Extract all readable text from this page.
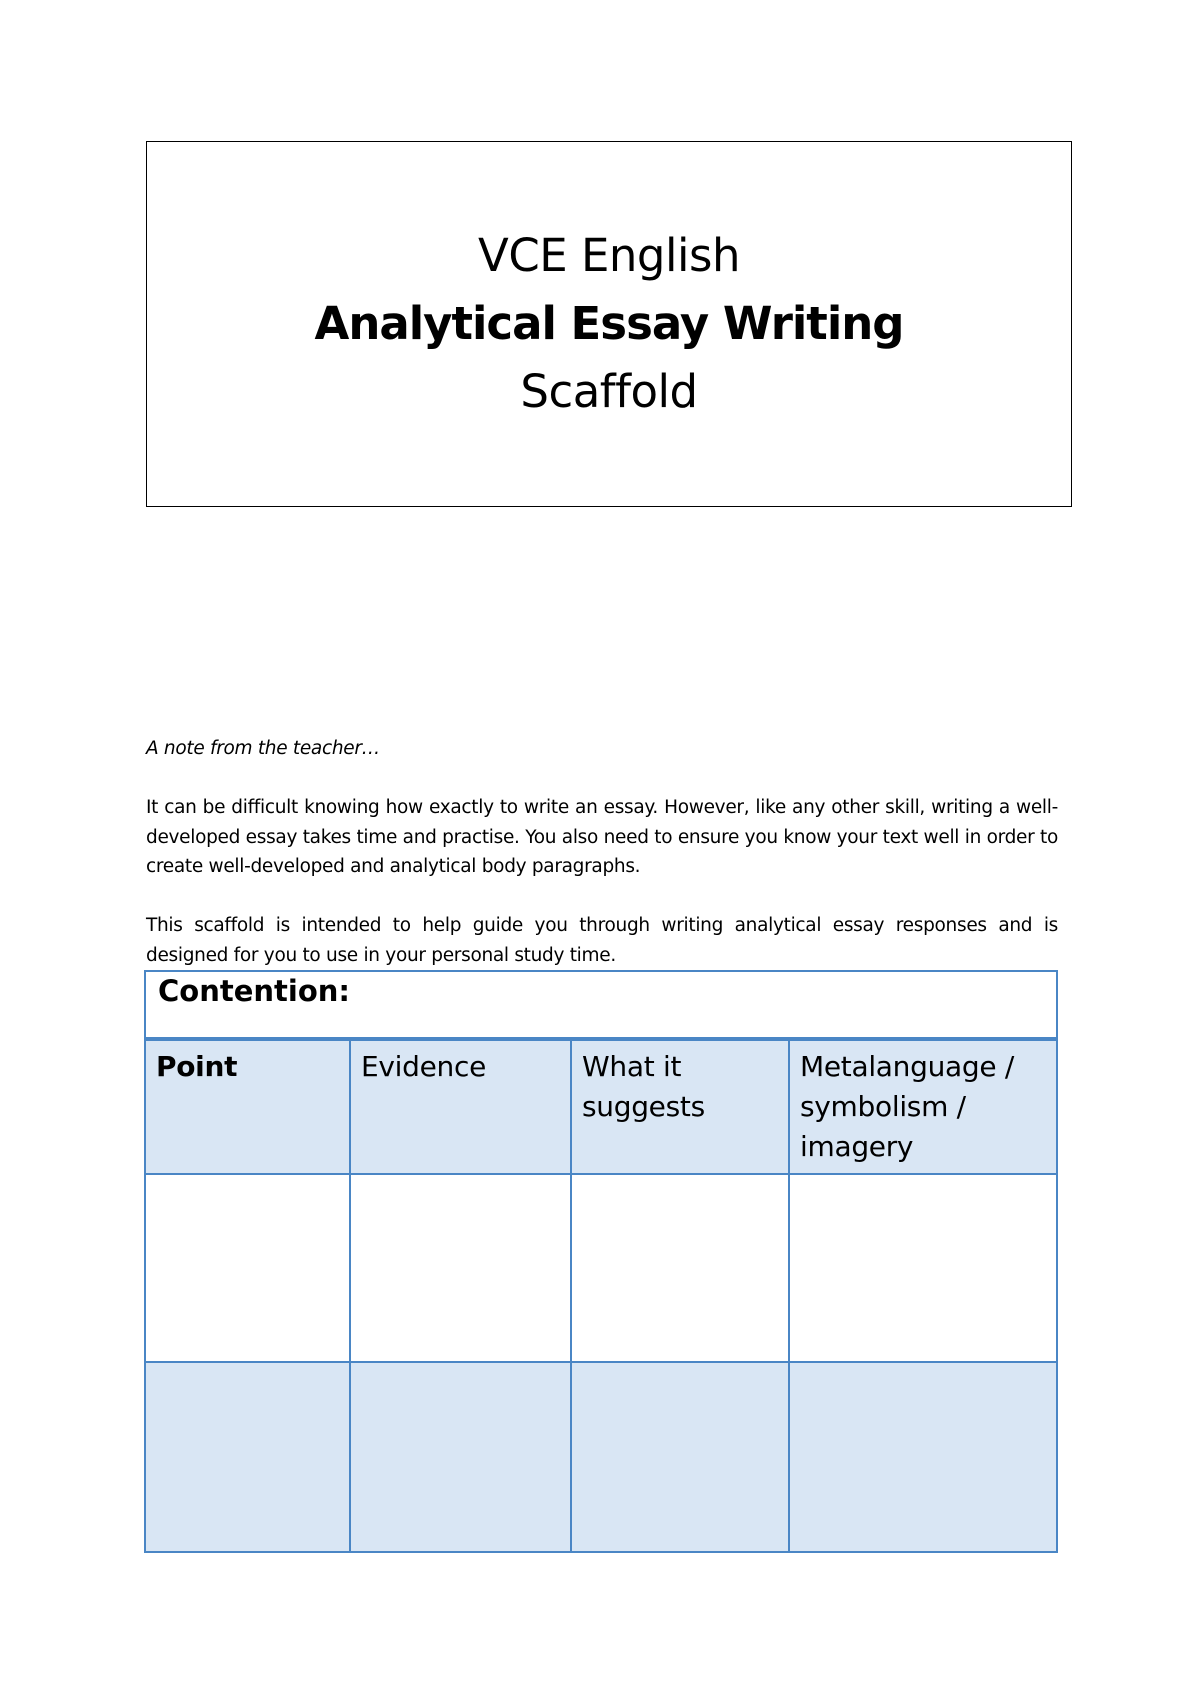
VCE English
Analytical Essay Writing
Scaffold

A note from the teacher…

It can be difficult knowing how exactly to write an essay. However, like any other skill, writing a well-developed essay takes time and practise. You also need to ensure you know your text well in order to create well-developed and analytical body paragraphs.

This scaffold is intended to help guide you through writing analytical essay responses and is designed for you to use in your personal study time.

Contention:			
Point	Evidence	What it suggests	Metalanguage / symbolism / imagery
